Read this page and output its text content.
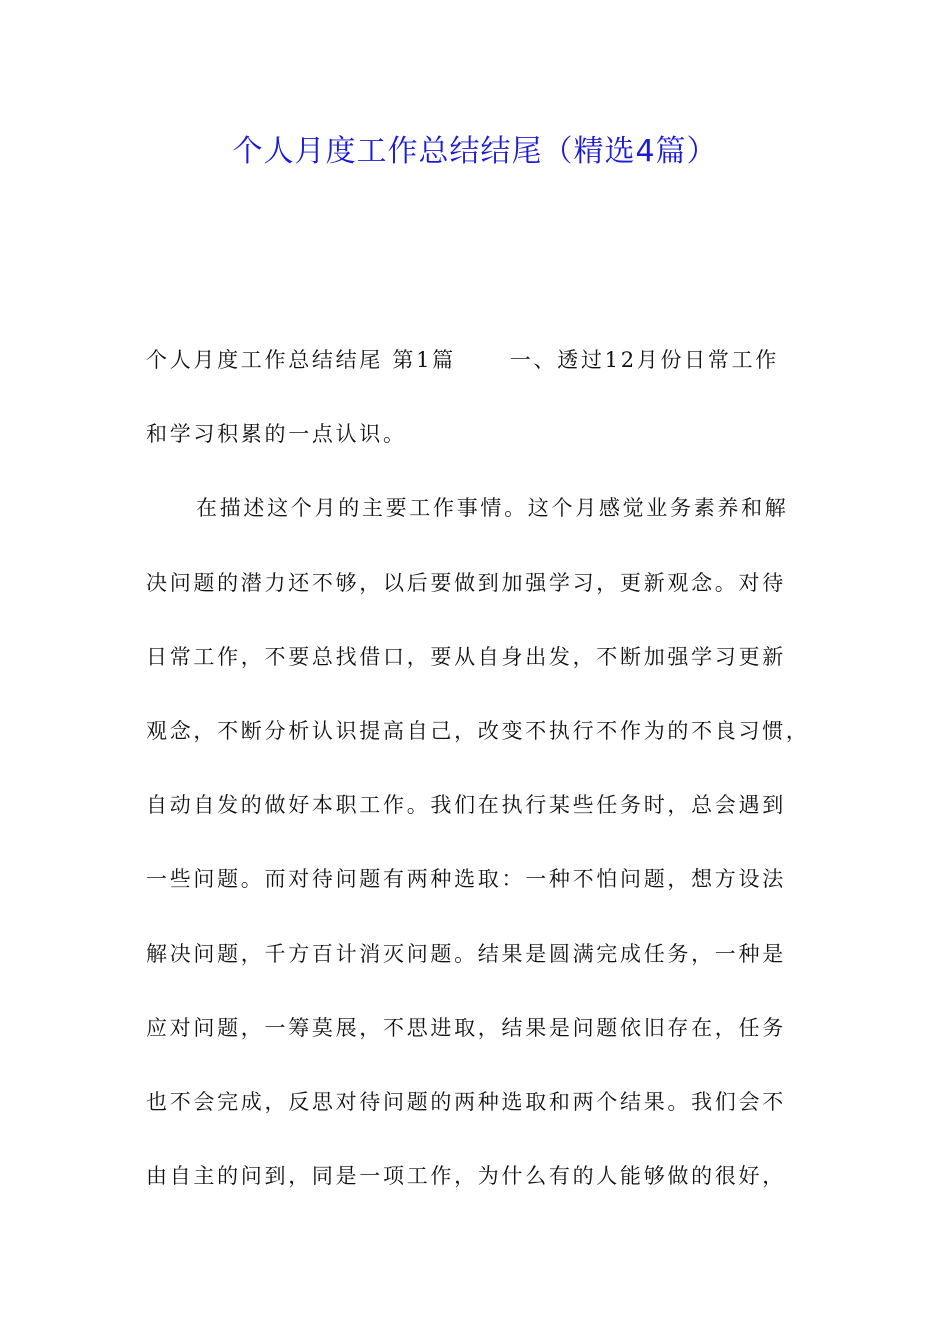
个人月度工作总结结尾（精选4篇）
个人月度工作总结结尾 第1篇	一、透过12月份日常工作
和学习积累的一点认识。
在描述这个月的主要工作事情。这个月感觉业务素养和解
决问题的潜力还不够，以后要做到加强学习，更新观念。对待
日常工作，不要总找借口，要从自身出发，不断加强学习更新
观念，不断分析认识提高自己，改变不执行不作为的不良习惯，
自动自发的做好本职工作。我们在执行某些任务时，总会遇到
一些问题。而对待问题有两种选取：一种不怕问题，想方设法
解决问题，千方百计消灭问题。结果是圆满完成任务，一种是
应对问题，一筹莫展，不思进取，结果是问题依旧存在，任务
也不会完成，反思对待问题的两种选取和两个结果。我们会不
由自主的问到，同是一项工作，为什么有的人能够做的很好，
